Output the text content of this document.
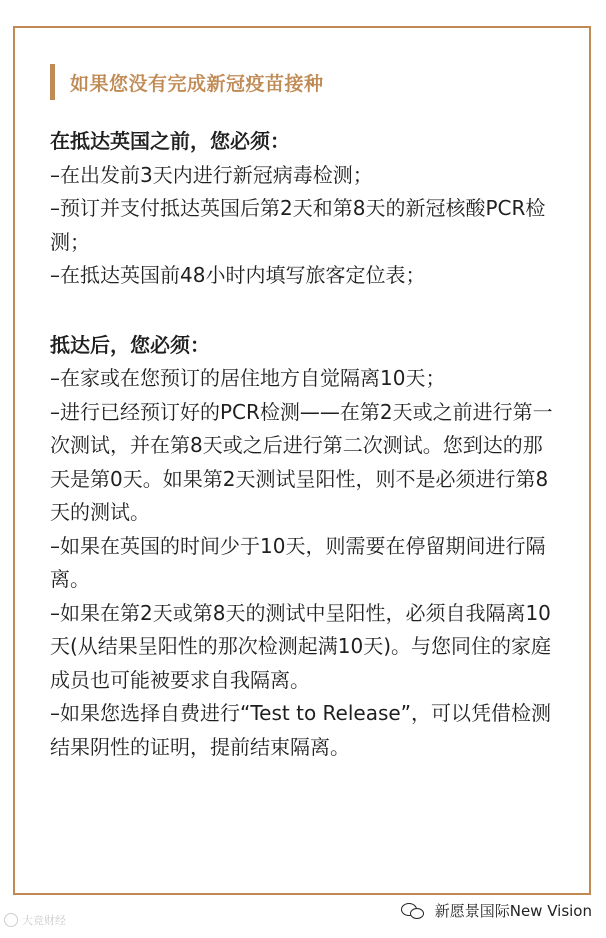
如果您没有完成新冠疫苗接种

在抵达英国之前，您必须：

–在出发前3天内进行新冠病毒检测；

–预订并支付抵达英国后第2天和第8天的新冠核酸PCR检测；

–在抵达英国前48小时内填写旅客定位表；

抵达后，您必须：

–在家或在您预订的居住地方自觉隔离10天；

–进行已经预订好的PCR检测——在第2天或之前进行第一次测试，并在第8天或之后进行第二次测试。您到达的那天是第0天。如果第2天测试呈阳性，则不是必须进行第8天的测试。

–如果在英国的时间少于10天，则需要在停留期间进行隔离。

–如果在第2天或第8天的测试中呈阳性，必须自我隔离10天(从结果呈阳性的那次检测起满10天)。与您同住的家庭成员也可能被要求自我隔离。

–如果您选择自费进行“Test to Release”，可以凭借检测结果阴性的证明，提前结束隔离。

大竞财经
新愿景国际New Vision
